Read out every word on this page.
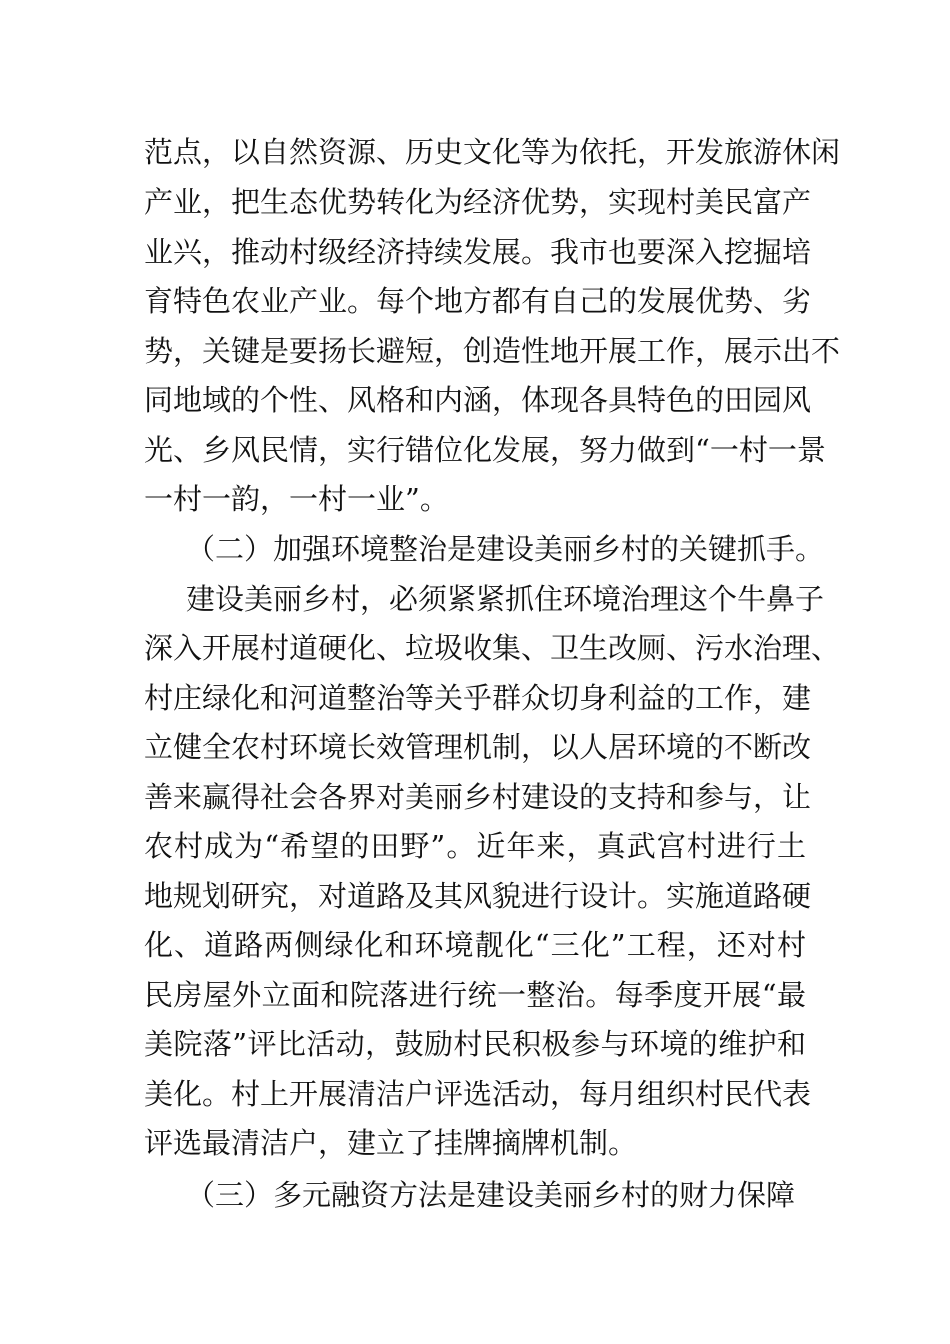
范点，以自然资源、历史文化等为依托，开发旅游休闲
产业，把生态优势转化为经济优势，实现村美民富产
业兴，推动村级经济持续发展。我市也要深入挖掘培
育特色农业产业。每个地方都有自己的发展优势、劣
势，关键是要扬长避短，创造性地开展工作，展示出不
同地域的个性、风格和内涵，体现各具特色的田园风
光、乡风民情，实行错位化发展，努力做到“一村一景
一村一韵，一村一业”。
（二）加强环境整治是建设美丽乡村的关键抓手。
建设美丽乡村，必须紧紧抓住环境治理这个牛鼻子
深入开展村道硬化、垃圾收集、卫生改厕、污水治理、
村庄绿化和河道整治等关乎群众切身利益的工作，建
立健全农村环境长效管理机制，以人居环境的不断改
善来赢得社会各界对美丽乡村建设的支持和参与，让
农村成为“希望的田野”。近年来，真武宫村进行土
地规划研究，对道路及其风貌进行设计。实施道路硬
化、道路两侧绿化和环境靓化“三化”工程，还对村
民房屋外立面和院落进行统一整治。每季度开展“最
美院落”评比活动，鼓励村民积极参与环境的维护和
美化。村上开展清洁户评选活动，每月组织村民代表
评选最清洁户，建立了挂牌摘牌机制。
（三）多元融资方法是建设美丽乡村的财力保障
